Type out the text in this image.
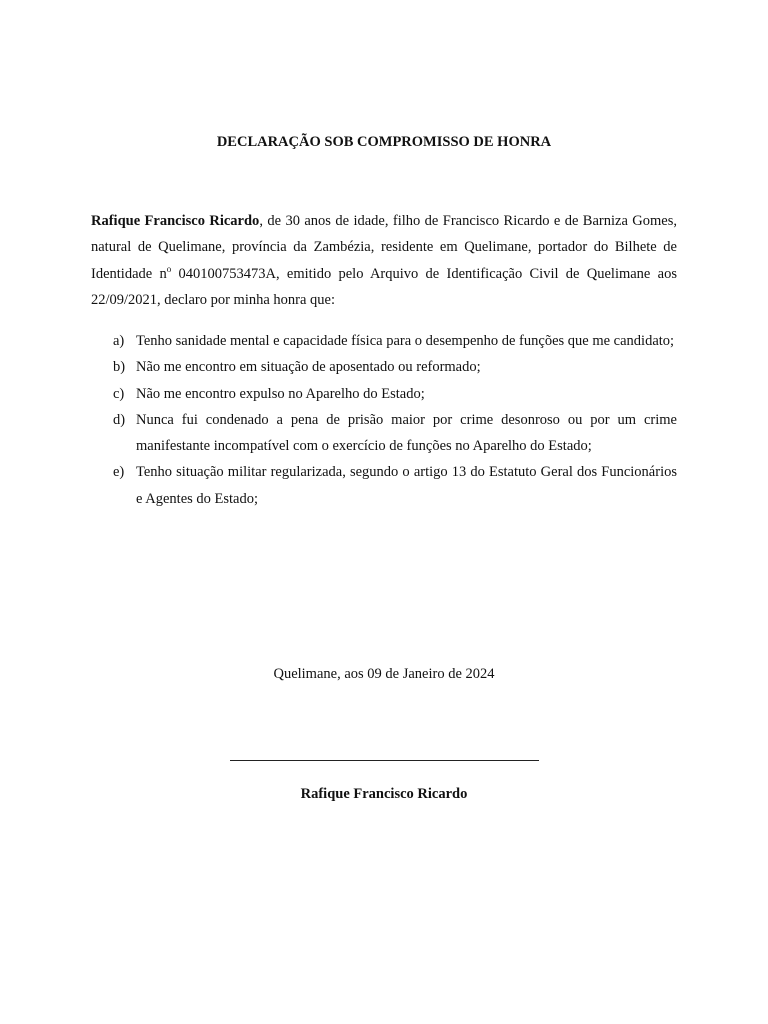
DECLARAÇÃO SOB COMPROMISSO DE HONRA

Rafique Francisco Ricardo, de 30 anos de idade, filho de Francisco Ricardo e de Barniza Gomes, natural de Quelimane, província da Zambézia, residente em Quelimane, portador do Bilhete de Identidade $n^o$ 040100753473A, emitido pelo Arquivo de Identificação Civil de Quelimane aos 22/09/2021, declaro por minha honra que:

a) Tenho sanidade mental e capacidade física para o desempenho de funções que me candidato;
b) Não me encontro em situação de aposentado ou reformado;
c) Não me encontro expulso no Aparelho do Estado;
d) Nunca fui condenado a pena de prisão maior por crime desonroso ou por um crime manifestante incompatível com o exercício de funções no Aparelho do Estado;
e) Tenho situação militar regularizada, segundo o artigo 13 do Estatuto Geral dos Funcionários e Agentes do Estado;
Quelimane, aos 09 de Janeiro de 2024
Rafique Francisco Ricardo
